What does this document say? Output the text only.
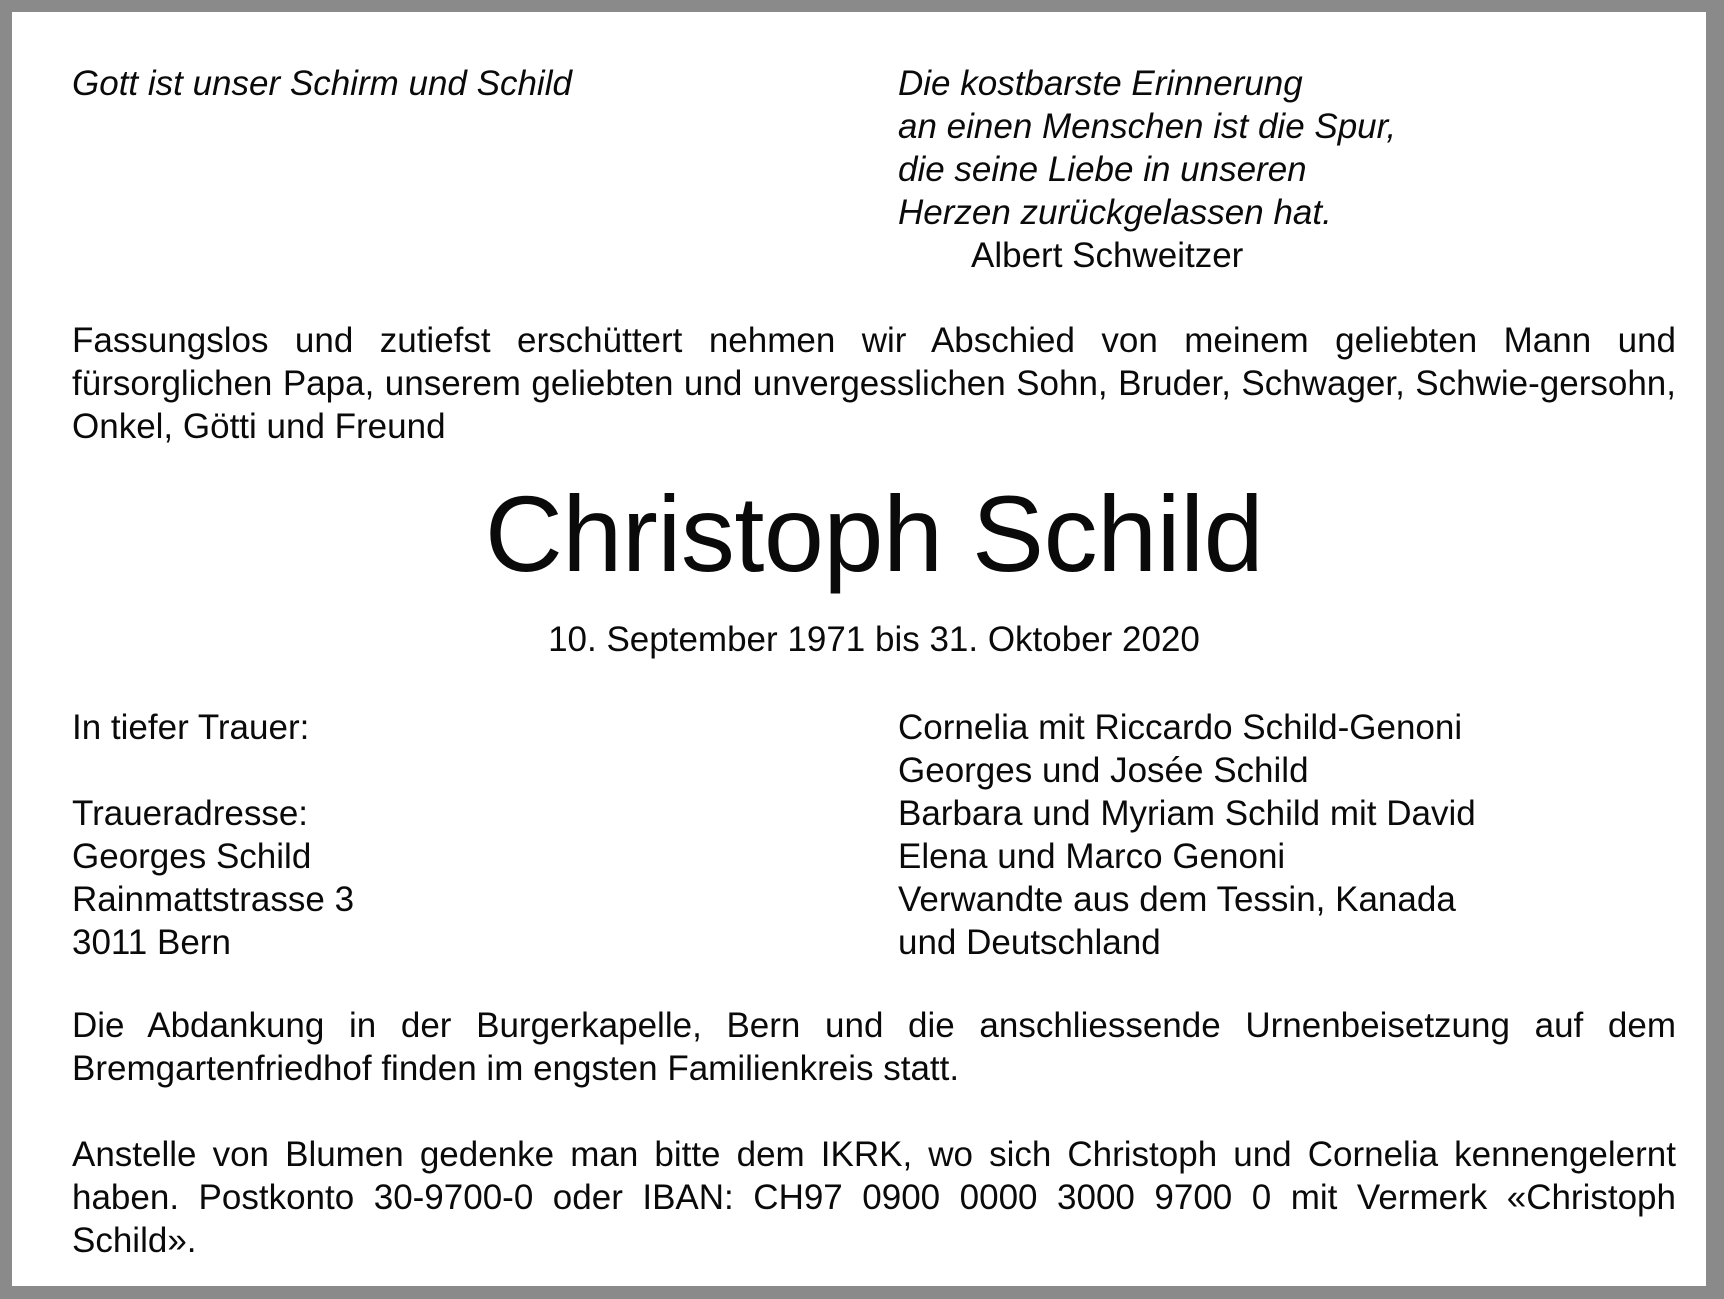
Gott ist unser Schirm und Schild	Die kostbarste Erinnerung
an einen Menschen ist die Spur,
die seine Liebe in unseren
Herzen zurückgelassen hat.
Albert Schweitzer

Fassungslos und zutiefst erschüttert nehmen wir Abschied von meinem geliebten Mann und fürsorglichen Papa, unserem geliebten und unvergesslichen Sohn, Bruder, Schwager, Schwie-gersohn, Onkel, Götti und Freund

Christoph Schild
10. September 1971 bis 31. Oktober 2020
In tiefer Trauer:
Traueradresse:
Georges Schild
Rainmattstrasse 3
3011 Bern
Cornelia mit Riccardo Schild-Genoni
Georges und Josée Schild
Barbara und Myriam Schild mit David
Elena und Marco Genoni
Verwandte aus dem Tessin, Kanada
und Deutschland

Die Abdankung in der Burgerkapelle, Bern und die anschliessende Urnenbeisetzung auf dem Bremgartenfriedhof finden im engsten Familienkreis statt.

Anstelle von Blumen gedenke man bitte dem IKRK, wo sich Christoph und Cornelia kennengelernt haben. Postkonto 30-9700-0 oder IBAN: CH97 0900 0000 3000 9700 0 mit Vermerk «Christoph Schild».
